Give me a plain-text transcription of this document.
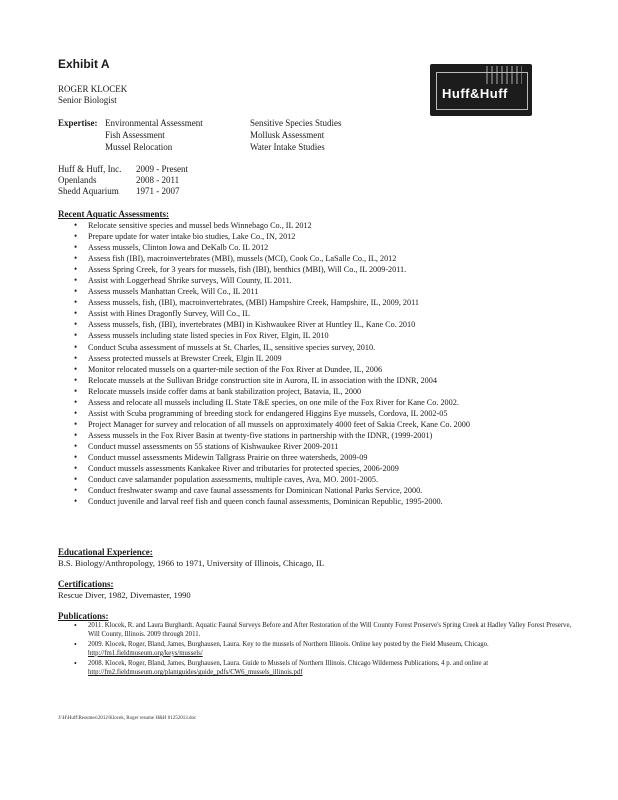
Exhibit A
Huff&Huff
ROGER KLOCEK
Senior Biologist
Expertise: Environmental Assessment
Fish Assessment
Mussel Relocation
Sensitive Species Studies
Mollusk Assessment
Water Intake Studies
Huff & Huff, Inc. 2009 - Present
Openlands	2008 - 2011
Shedd Aquarium 1971 - 2007
Recent Aquatic Assessments:
• Relocate sensitive species and mussel beds Winnebago Co., IL 2012
• Prepare update for water intake bio studies, Lake Co., IN, 2012
• Assess mussels, Clinton Iowa and DeKalb Co. IL 2012
• Assess fish (IBI), macroinvertebrates (MBI), mussels (MCI), Cook Co., LaSalle Co., IL, 2012
• Assess Spring Creek, for 3 years for mussels, fish (IBI), benthics (MBI), Will Co., IL 2009-2011.
• Assist with Loggerhead Shrike surveys, Will County, IL 2011.
• Assess mussels Manhattan Creek, Will Co., IL 2011
• Assess mussels, fish, (IBI), macroinvertebrates, (MBI) Hampshire Creek, Hampshire, IL, 2009, 2011
• Assist with Hines Dragonfly Survey, Will Co., IL
• Assess mussels, fish, (IBI), invertebrates (MBI) in Kishwaukee River at Huntley IL, Kane Co. 2010
• Assess mussels including state listed species in Fox River, Elgin, IL 2010
• Conduct Scuba assessment of mussels at St. Charles, IL, sensitive species survey, 2010.
• Assess protected mussels at Brewster Creek, Elgin IL 2009
• Monitor relocated mussels on a quarter-mile section of the Fox River at Dundee, IL, 2006
• Relocate mussels at the Sullivan Bridge construction site in Aurora, IL in association with the IDNR, 2004
• Relocate mussels inside coffer dams at bank stabilization project, Batavia, IL, 2000
• Assess and relocate all mussels including IL State T&E species, on one mile of the Fox River for Kane Co. 2002.
• Assist with Scuba programming of breeding stock for endangered Higgins Eye mussels, Cordova, IL 2002-05
• Project Manager for survey and relocation of all mussels on approximately 4000 feet of Sakia Creek, Kane Co. 2000
• Assess mussels in the Fox River Basin at twenty-five stations in partnership with the IDNR, (1999-2001)
• Conduct mussel assessments on 55 stations of Kishwaukee River 2009-2011
• Conduct mussel assessments Midewin Tallgrass Prairie on three watersheds, 2009-09
• Conduct mussels assessments Kankakee River and tributaries for protected species, 2006-2009
• Conduct cave salamander population assessments, multiple caves, Ava, MO. 2001-2005.
• Conduct freshwater swamp and cave faunal assessments for Dominican National Parks Service, 2000.
• Conduct juvenile and larval reef fish and queen conch faunal assessments, Dominican Republic, 1995-2000.
Educational Experience:
B.S. Biology/Anthropology, 1966 to 1971, University of Illinois, Chicago, IL
Certifications:
Rescue Diver, 1982, Divemaster, 1990
Publications:
• 2011. Klocek, R. and Laura Burghardt. Aquatic Faunal Surveys Before and After Restoration of the Will County Forest Preserve's Spring Creek at Hadley Valley Forest Preserve, Will County, Illinois. 2009 through 2011.
• 2009. Klocek, Roger, Bland, James, Burghausen, Laura. Key to the mussels of Northern Illinois. Online key posted by the Field Museum, Chicago. http://fm1.fieldmuseum.org/keys/mussels/
• 2008. Klocek, Roger, Bland, James, Burghausen, Laura. Guide to Mussels of Northern Illinois. Chicago Wilderness Publications, 4 p. and online at
http://fm2.fieldmuseum.org/plantguides/guide_pdfs/CW6_mussels_illinois.pdf
J:\H\Huff\Resumes\2012\Klocek, Roger resume H&H 01252013.doc
